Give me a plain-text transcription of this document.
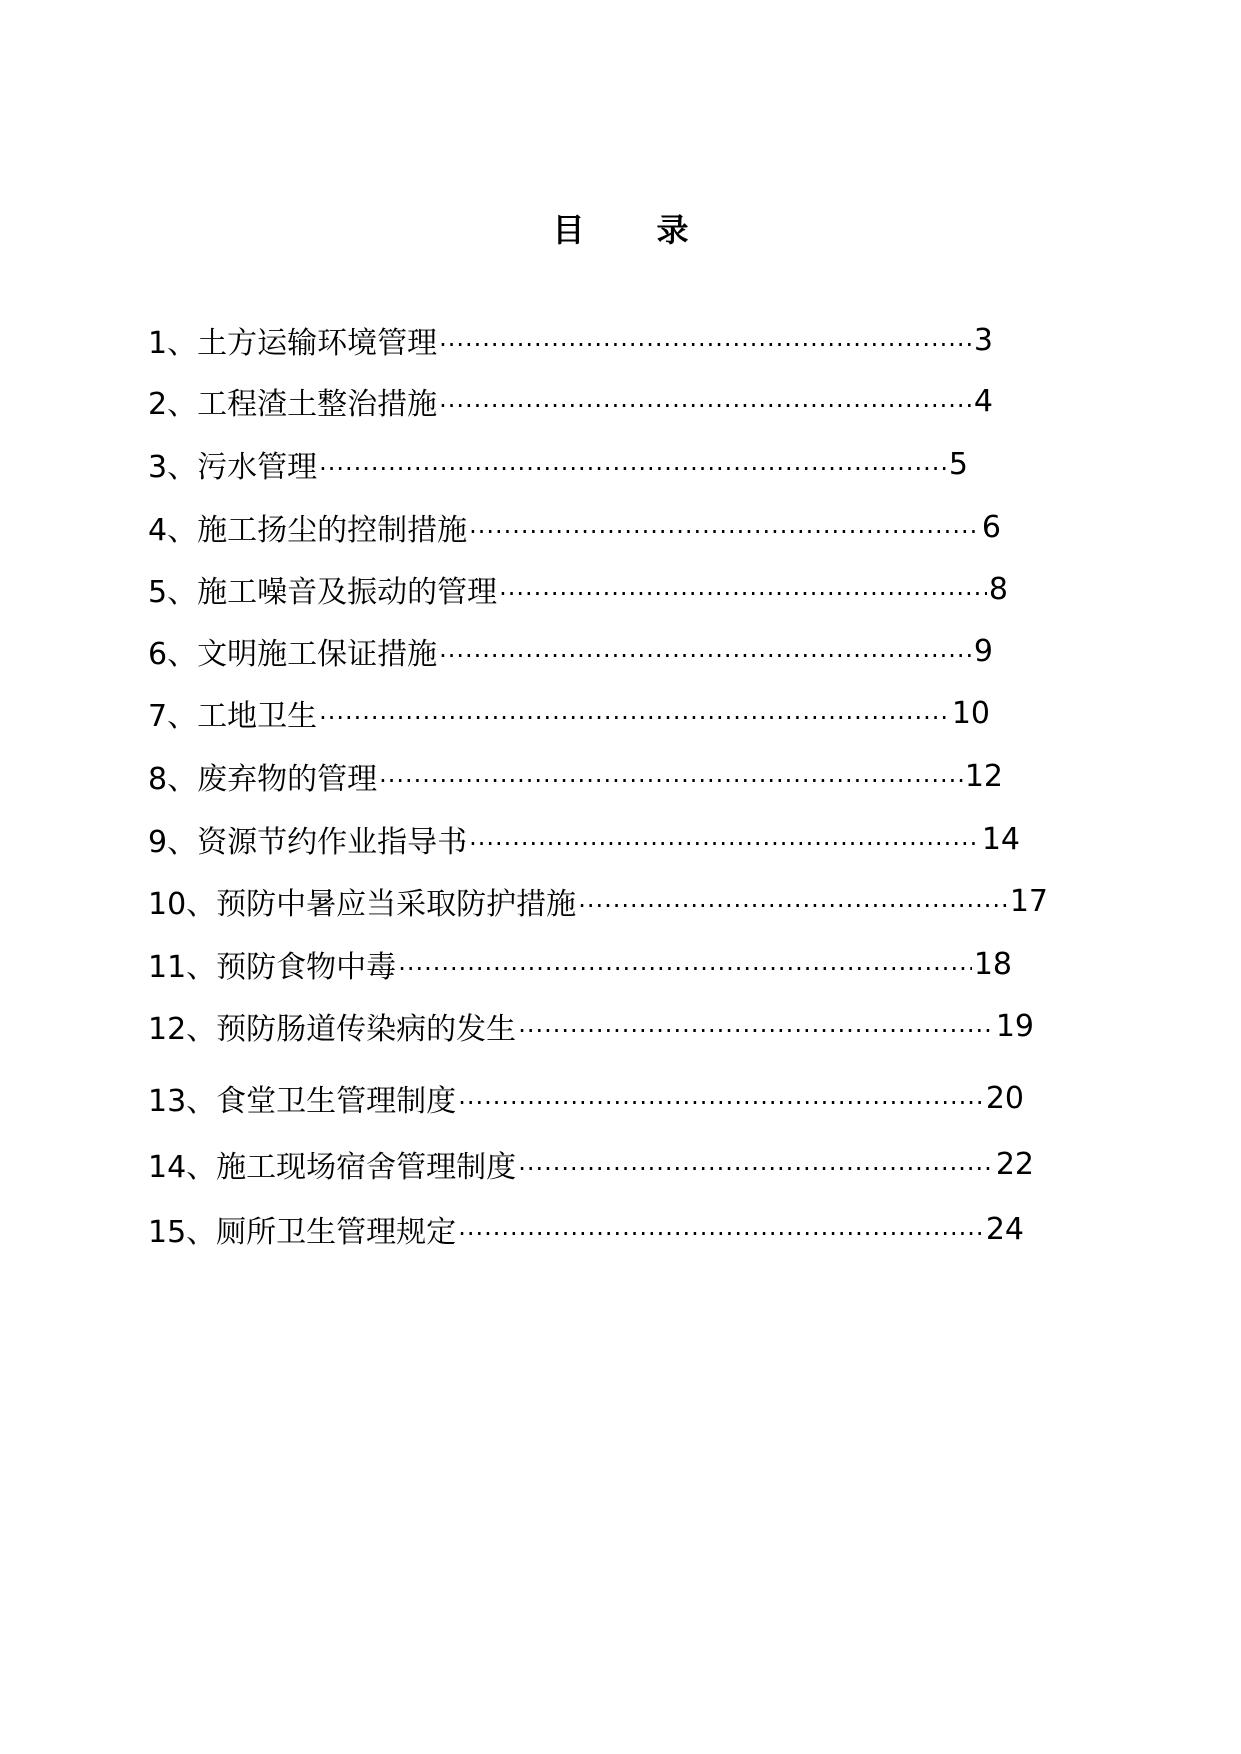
目 录
1、土方运输环境管理 .....	3
2、工程渣土整治措施 .....	4
3、污水管理 .....	5
4、施工扬尘的控制措施 .....	6
5、施工噪音及振动的管理 .....	8
6、文明施工保证措施 .....	9
7、工地卫生 .....	10
8、废弃物的管理 .....	12
9、资源节约作业指导书 .....	14
10、预防中暑应当采取防护措施 .....	17
11、预防食物中毒 .....	18
12、预防肠道传染病的发生 .....	19
13、食堂卫生管理制度 .....	20
14、施工现场宿舍管理制度 .....	22
15、厕所卫生管理规定 .....	24
